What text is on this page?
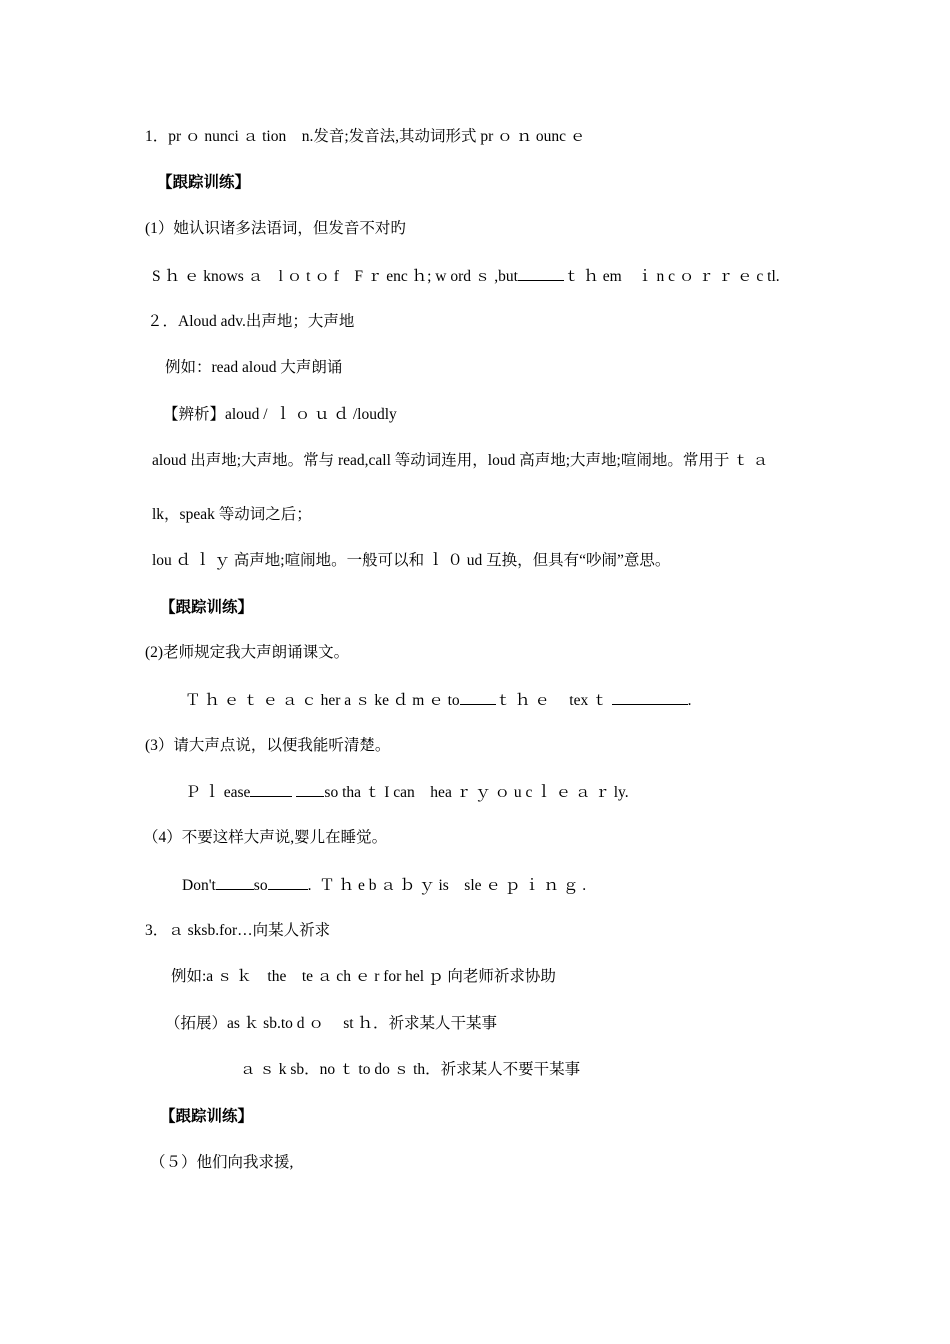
1．pr ｏ nunci ａ tion    n.发音;发音法,其动词形式 pr ｏ ｎ ounc ｅ
【跟踪训练】
(1）她认识诸多法语词，但发音不对旳
S ｈ ｅ knows ａ    l ｏ t ｏ f    F ｒ enc ｈ; w ord ｓ ,but	ｔ ｈ em    ｉ n c ｏ ｒ ｒ ｅ c tl.
２．Aloud adv.出声地；大声地
例如：read aloud 大声朗诵
【辨析】aloud /  ｌ ｏ ｕ ｄ /loudly
aloud 出声地;大声地。常与 read,call 等动词连用，loud 高声地;大声地;喧闹地。常用于 ｔ ａ
lk，speak 等动词之后；
lou ｄ ｌ ｙ 高声地;喧闹地。一般可以和 ｌ ０ ud 互换，但具有“吵闹”意思。
【跟踪训练】
(2)老师规定我大声朗诵课文。
Ｔ ｈ ｅ ｔ ｅ ａ ｃ her a ｓ ke ｄ m ｅ to ｔ ｈ ｅ     tex ｔ	.
(3）请大声点说，以便我能听清楚。
Ｐ ｌ ease	so tha ｔ I can    hea ｒ ｙ ｏ u c ｌ ｅ ａ ｒ ly.
（4）不要这样大声说,婴儿在睡觉。
Don't so	.  Ｔ ｈ e b ａ ｂ ｙ is    sle ｅ ｐ ｉ ｎ ｇ .
3．ａ sksb.for…向某人祈求
例如:a ｓ ｋ    the    te ａ ch ｅ r for hel ｐ 向老师祈求协助
（拓展）as ｋ sb.to d ｏ     st ｈ．祈求某人干某事
ａ ｓ k sb．no ｔ to do ｓ th．祈求某人不要干某事
【跟踪训练】
（５）他们向我求援,
